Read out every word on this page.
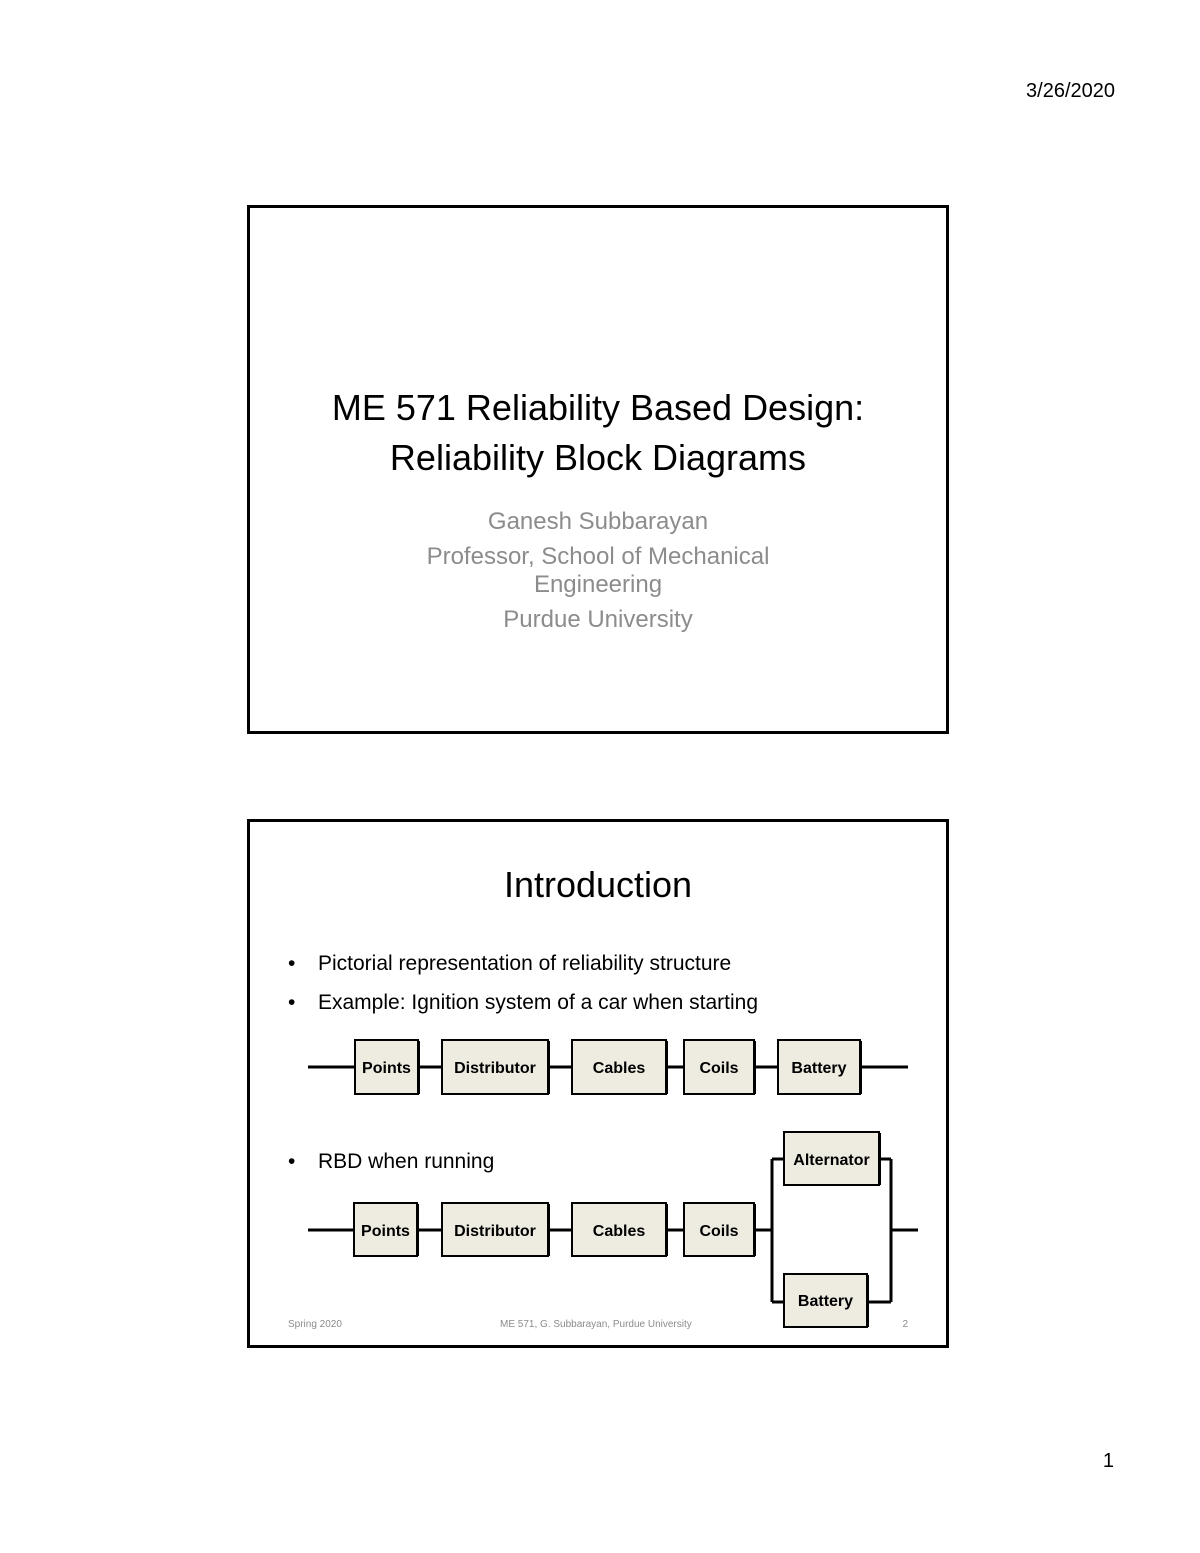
3/26/2020
ME 571 Reliability Based Design:
Reliability Block Diagrams
Ganesh Subbarayan
Professor, School of Mechanical
Engineering
Purdue University
Introduction
•	Pictorial representation of reliability structure
•	Example: Ignition system of a car when starting
•	RBD when running
Points	Distributor	Cables	Coils	Battery
Points	Distributor	Cables	Coils
Alternator
Battery
Spring 2020	ME 571, G. Subbarayan, Purdue University	2
1
